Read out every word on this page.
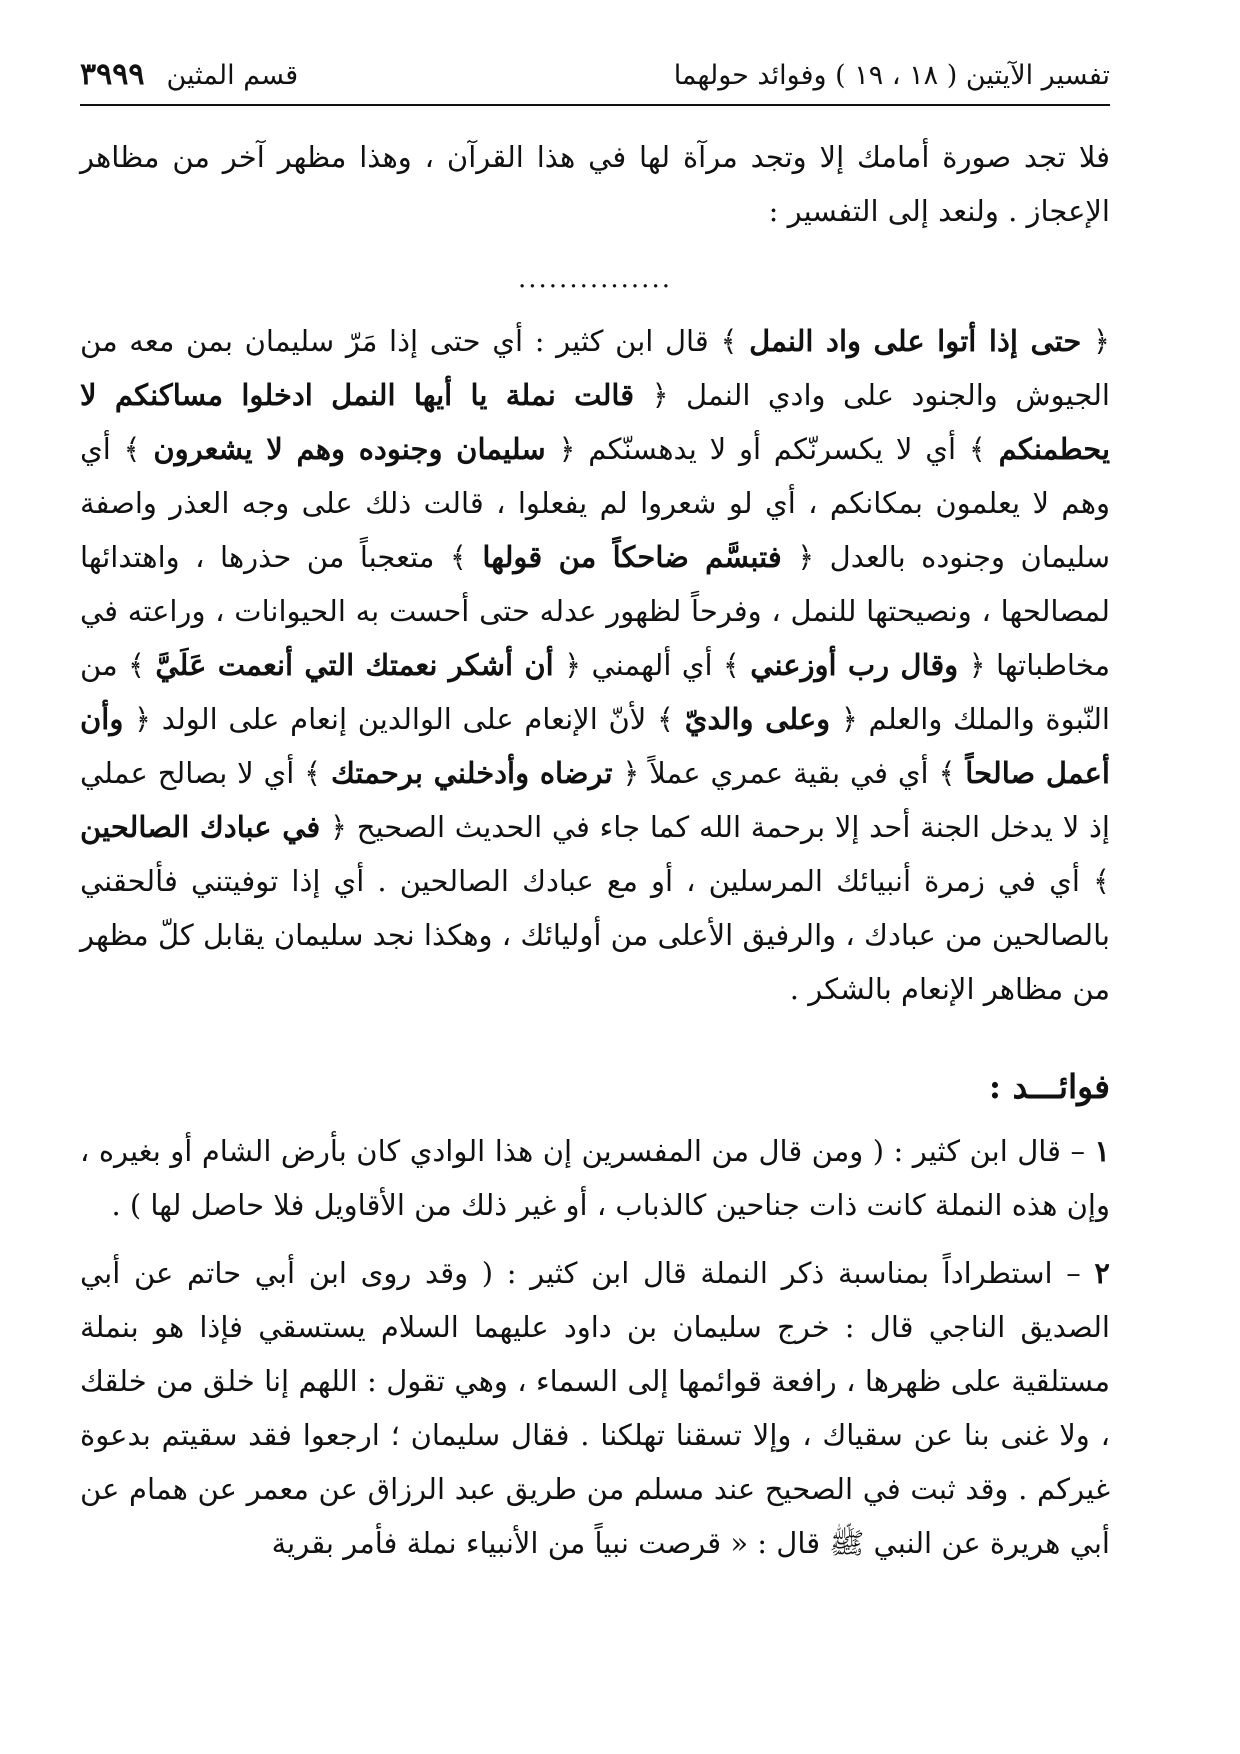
تفسير الآيتين ( ١٨ ، ١٩ ) وفوائد حولهما
قسم المثين
٣٩٩٩

فلا تجد صورة أمامك إلا وتجد مرآة لها في هذا القرآن ، وهذا مظهر آخر من مظاهر الإعجاز . ولنعد إلى التفسير :

...............

﴿ حتى إذا أتوا على واد النمل ﴾ قال ابن كثير : أي حتى إذا مَرّ سليمان بمن معه من الجيوش والجنود على وادي النمل ﴿ قالت نملة يا أيها النمل ادخلوا مساكنكم لا يحطمنكم ﴾ أي لا يكسرنّكم أو لا يدهسنّكم ﴿ سليمان وجنوده وهم لا يشعرون ﴾ أي وهم لا يعلمون بمكانكم ، أي لو شعروا لم يفعلوا ، قالت ذلك على وجه العذر واصفة سليمان وجنوده بالعدل ﴿ فتبسَّم ضاحكاً من قولها ﴾ متعجباً من حذرها ، واهتدائها لمصالحها ، ونصيحتها للنمل ، وفرحاً لظهور عدله حتى أحست به الحيوانات ، وراعته في مخاطباتها ﴿ وقال رب أوزعني ﴾ أي ألهمني ﴿ أن أشكر نعمتك التي أنعمت عَلَيَّ ﴾ من النّبوة والملك والعلم ﴿ وعلى والديّ ﴾ لأنّ الإنعام على الوالدين إنعام على الولد ﴿ وأن أعمل صالحاً ﴾ أي في بقية عمري عملاً ﴿ ترضاه وأدخلني برحمتك ﴾ أي لا بصالح عملي إذ لا يدخل الجنة أحد إلا برحمة الله كما جاء في الحديث الصحيح ﴿ في عبادك الصالحين ﴾ أي في زمرة أنبيائك المرسلين ، أو مع عبادك الصالحين . أي إذا توفيتني فألحقني بالصالحين من عبادك ، والرفيق الأعلى من أوليائك ، وهكذا نجد سليمان يقابل كلّ مظهر من مظاهر الإنعام بالشكر .

فوائـــد :

١ – قال ابن كثير : ( ومن قال من المفسرين إن هذا الوادي كان بأرض الشام أو بغيره ، وإن هذه النملة كانت ذات جناحين كالذباب ، أو غير ذلك من الأقاويل فلا حاصل لها ) .

٢ – استطراداً بمناسبة ذكر النملة قال ابن كثير : ( وقد روى ابن أبي حاتم عن أبي الصديق الناجي قال : خرج سليمان بن داود عليهما السلام يستسقي فإذا هو بنملة مستلقية على ظهرها ، رافعة قوائمها إلى السماء ، وهي تقول : اللهم إنا خلق من خلقك ، ولا غنى بنا عن سقياك ، وإلا تسقنا تهلكنا . فقال سليمان ؛ ارجعوا فقد سقيتم بدعوة غيركم . وقد ثبت في الصحيح عند مسلم من طريق عبد الرزاق عن معمر عن همام عن أبي هريرة عن النبي ﷺ قال : « قرصت نبياً من الأنبياء نملة فأمر بقرية
